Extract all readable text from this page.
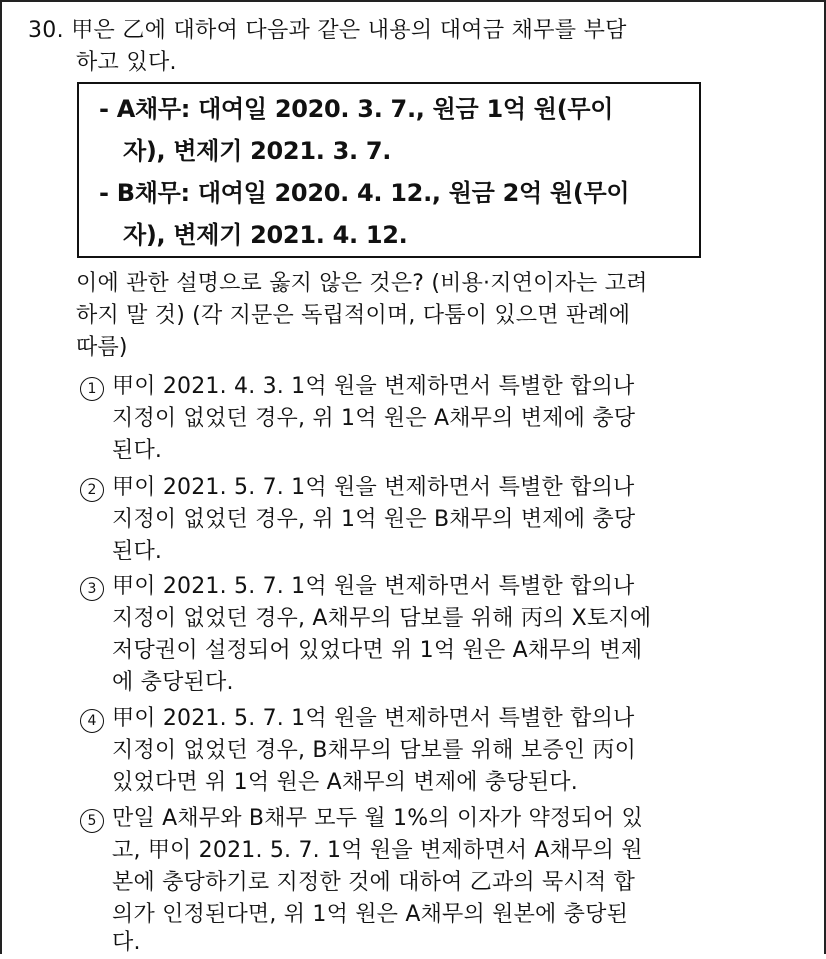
30. 甲은 乙에 대하여 다음과 같은 내용의 대여금 채무를 부담
하고 있다.
- A채무: 대여일 2020. 3. 7., 원금 1억 원(무이
자), 변제기 2021. 3. 7.
- B채무: 대여일 2020. 4. 12., 원금 2억 원(무이
자), 변제기 2021. 4. 12.
이에 관한 설명으로 옳지 않은 것은? (비용·지연이자는 고려
하지 말 것) (각 지문은 독립적이며, 다툼이 있으면 판례에
따름)
1 甲이 2021. 4. 3. 1억 원을 변제하면서 특별한 합의나
지정이 없었던 경우, 위 1억 원은 A채무의 변제에 충당
된다.
2 甲이 2021. 5. 7. 1억 원을 변제하면서 특별한 합의나
지정이 없었던 경우, 위 1억 원은 B채무의 변제에 충당
된다.
3 甲이 2021. 5. 7. 1억 원을 변제하면서 특별한 합의나
지정이 없었던 경우, A채무의 담보를 위해 丙의 X토지에
저당권이 설정되어 있었다면 위 1억 원은 A채무의 변제
에 충당된다.
4 甲이 2021. 5. 7. 1억 원을 변제하면서 특별한 합의나
지정이 없었던 경우, B채무의 담보를 위해 보증인 丙이
있었다면 위 1억 원은 A채무의 변제에 충당된다.
5 만일 A채무와 B채무 모두 월 1%의 이자가 약정되어 있
고, 甲이 2021. 5. 7. 1억 원을 변제하면서 A채무의 원
본에 충당하기로 지정한 것에 대하여 乙과의 묵시적 합
의가 인정된다면, 위 1억 원은 A채무의 원본에 충당된
다.
